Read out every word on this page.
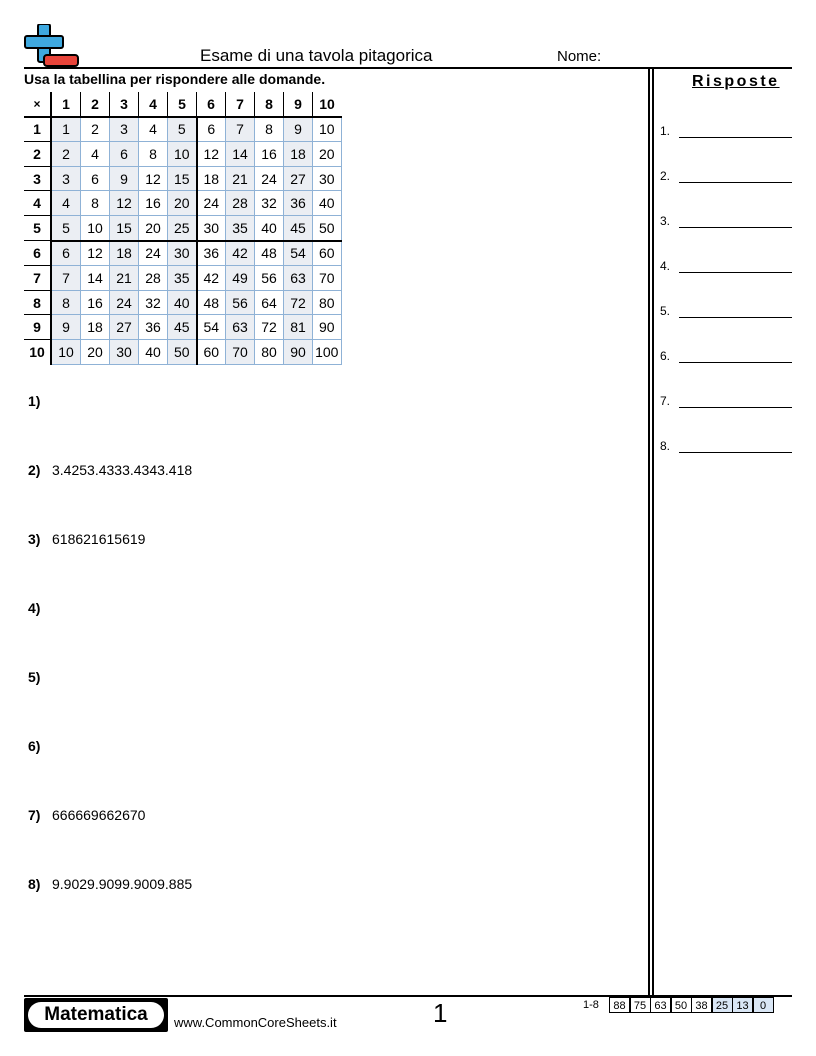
Esame di una tavola pitagorica	Nome:
Usa la tabellina per rispondere alle domande.
×	1	2	3	4	5	6	7	8	9	10
1	1	2	3	4	5	6	7	8	9	10
2	2	4	6	8	10	12	14	16	18	20
3	3	6	9	12	15	18	21	24	27	30
4	4	8	12	16	20	24	28	32	36	40
5	5	10	15	20	25	30	35	40	45	50
6	6	12	18	24	30	36	42	48	54	60
7	7	14	21	28	35	42	49	56	63	70
8	8	16	24	32	40	48	56	64	72	80
9	9	18	27	36	45	54	63	72	81	90
10	10	20	30	40	50	60	70	80	90	100
1)
2) 3.4253.4333.4343.418
3) 618621615619
4)
5)
6)
7) 666669662670
8) 9.9029.9099.9009.885
Risposte
1.
2.
3.
4.
5.
6.
7.
8.
Matematica	www.CommonCoreSheets.it	1	1-8	88 75 63 50 38 25 13	0
